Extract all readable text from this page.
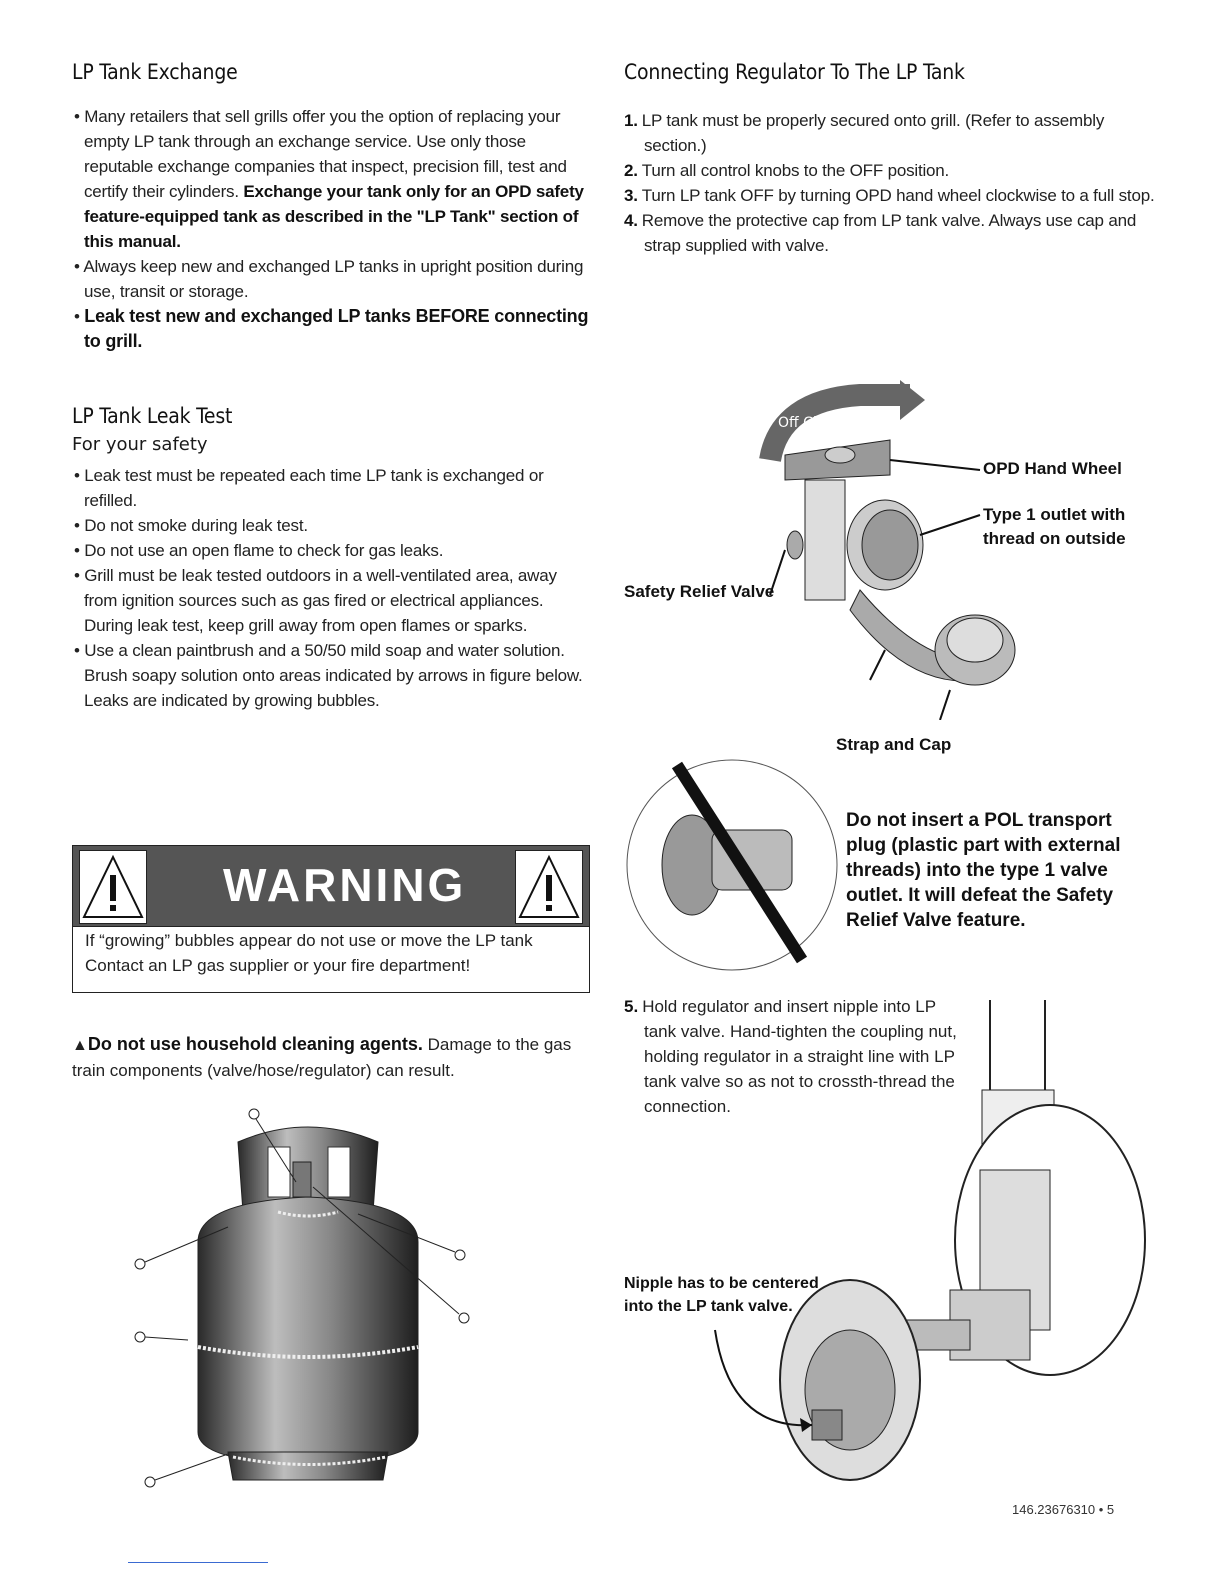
LP Tank Exchange
• Many retailers that sell grills offer you the option of replacing your empty LP tank through an exchange service. Use only those reputable exchange companies that inspect, precision fill, test and certify their cylinders. Exchange your tank only for an OPD safety feature-equipped tank as described in the "LP Tank" section of this manual.
• Always keep new and exchanged LP tanks in upright position during use, transit or storage.
• Leak test new and exchanged LP tanks BEFORE connecting to grill.
LP Tank Leak Test
For your safety
• Leak test must be repeated each time LP tank is exchanged or refilled.
• Do not smoke during leak test.
• Do not use an open flame to check for gas leaks.
• Grill must be leak tested outdoors in a well-ventilated area, away from ignition sources such as gas fired or electrical appliances. During leak test, keep grill away from open flames or sparks.
• Use a clean paintbrush and a 50/50 mild soap and water solution. Brush soapy solution onto areas indicated by arrows in figure below. Leaks are indicated by growing bubbles.
WARNING
If “growing” bubbles appear do not use or move the LP tank
Contact an LP gas supplier or your fire department!
▲Do not use household cleaning agents. Damage to the gas train components (valve/hose/regulator) can result.
Connecting Regulator To The LP Tank
1. LP tank must be properly secured onto grill. (Refer to assembly section.)
2. Turn all control knobs to the OFF position.
3. Turn LP tank OFF by turning OPD hand wheel clockwise to a full stop.
4. Remove the protective cap from LP tank valve. Always use cap and strap supplied with valve.
Off Clockwise
OPD Hand Wheel
Type 1 outlet with
thread on outside
Safety Relief Valve
Strap and Cap
Do not insert a POL transport plug (plastic part with external threads) into the type 1 valve outlet. It will defeat the Safety Relief Valve feature.
5. Hold regulator and insert nipple into LP tank valve. Hand-tighten the coupling nut, holding regulator in a straight line with LP tank valve so as not to crossth-thread the connection.
Nipple has to be centered
into the LP tank valve.
146.23676310 • 5
